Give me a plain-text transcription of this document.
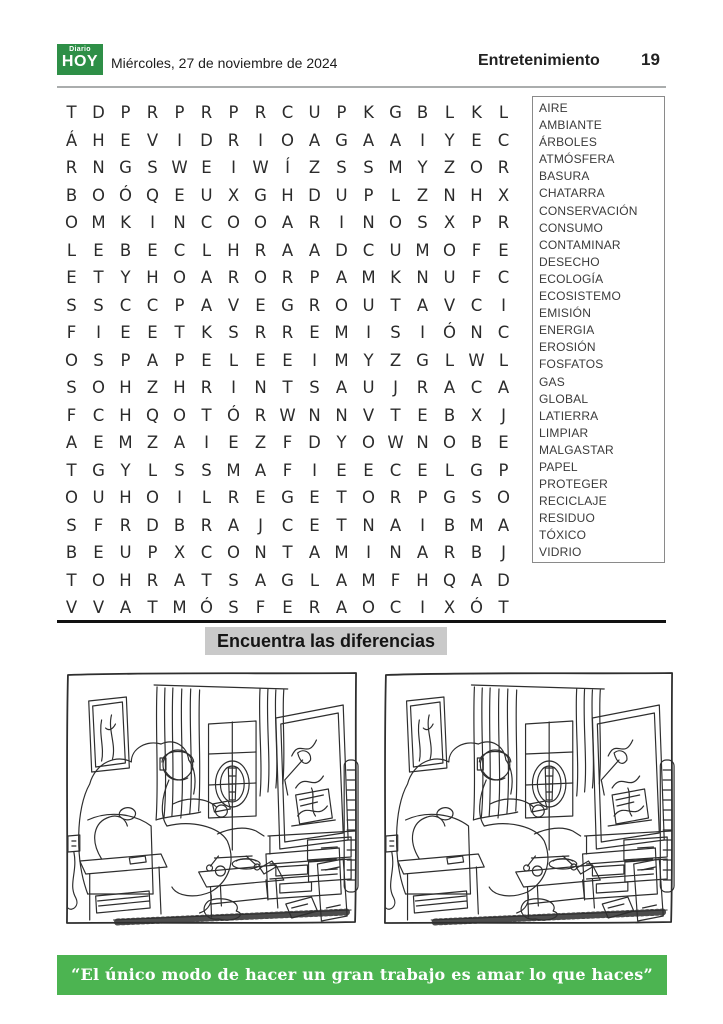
Diario
HOY Miércoles, 27 de noviembre de 2024	Entretenimiento 19
T D P R P R P R C U P	K G B	L	K	L
Á H E V	I	D R	I	O A G A A	I	Y	E C
R N G S W E	I W Í	Z S	S M Y Z O R
B O Ó Q E U X G H D U P	L	Z N H X
O M K	I	N C O O A R	I	N O S X P R
L	E B E C	L H R A A D C U M O F	E
E	T	Y H O A R O R P A M K N U F C
S	S C C P A V E G R O U T A V C	I
F	I	E	E	T	K S R R E M	I	S	I	Ó N C
O S	P A P	E	L	E	E	I	M Y Z G L W L
S O H Z H R	I	N T	S A U	J	R A C A
F C H Q O T Ó R W N N V T	E B X	J
A E M Z A	I	E Z	F D Y O W N O B E
T G Y	L	S	S M A	F	I	E	E C E	L G P
O U H O	I	L	R E G E	T O R P G S O
S	F	R D B R A	J	C E	T N A	I	B M A
B E U P X C O N T A M	I	N A R B	J
T O H R A T	S A G L	A M F H Q A D
V V A T M Ó S	F	E R A O C	I	X Ó T
AIRE
AMBIANTE
ÁRBOLES
ATMÓSFERA
BASURA
CHATARRA
CONSERVACIÓN
CONSUMO
CONTAMINAR
DESECHO
ECOLOGÍA
ECOSISTEMO
EMISIÓN
ENERGIA
EROSIÓN
FOSFATOS
GAS
GLOBAL
LATIERRA
LIMPIAR
MALGASTAR
PAPEL
PROTEGER
RECICLAJE
RESIDUO
TÓXICO
VIDRIO
Encuentra las diferencias
“El único modo de hacer un gran trabajo es amar lo que haces”
